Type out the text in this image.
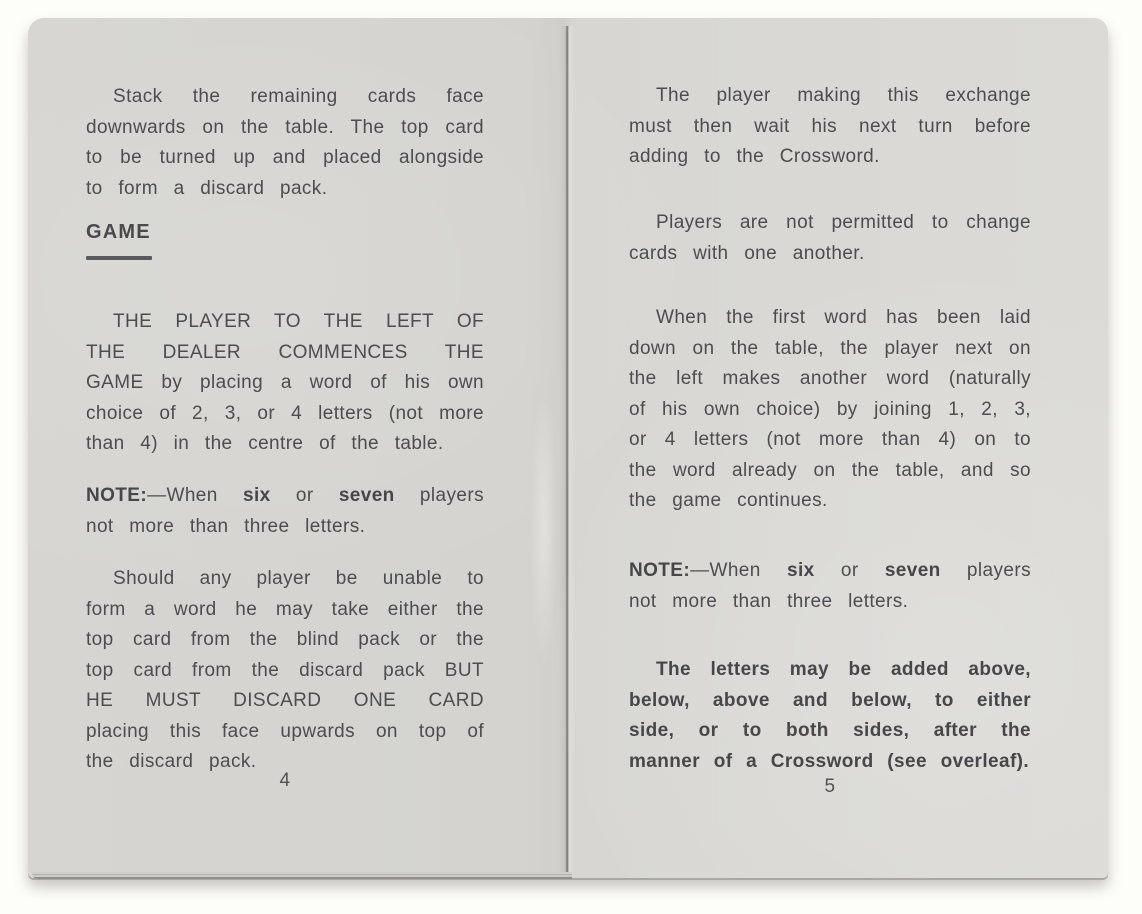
Stack the remaining cards face downwards on the table. The top card to be turned up and placed alongside to form a discard pack.

GAME

THE PLAYER TO THE LEFT OF THE DEALER COMMENCES THE GAME by placing a word of his own choice of 2, 3, or 4 letters (not more than 4) in the centre of the table.

NOTE:—When six or seven players not more than three letters.

Should any player be unable to form a word he may take either the top card from the blind pack or the top card from the discard pack BUT HE MUST DISCARD ONE CARD placing this face upwards on top of the discard pack.

4

The player making this exchange must then wait his next turn before adding to the Crossword.

Players are not permitted to change cards with one another.

When the first word has been laid down on the table, the player next on the left makes another word (naturally of his own choice) by joining 1, 2, 3, or 4 letters (not more than 4) on to the word already on the table, and so the game continues.

NOTE:—When six or seven players not more than three letters.

The letters may be added above, below, above and below, to either side, or to both sides, after the manner of a Crossword (see overleaf).

5
